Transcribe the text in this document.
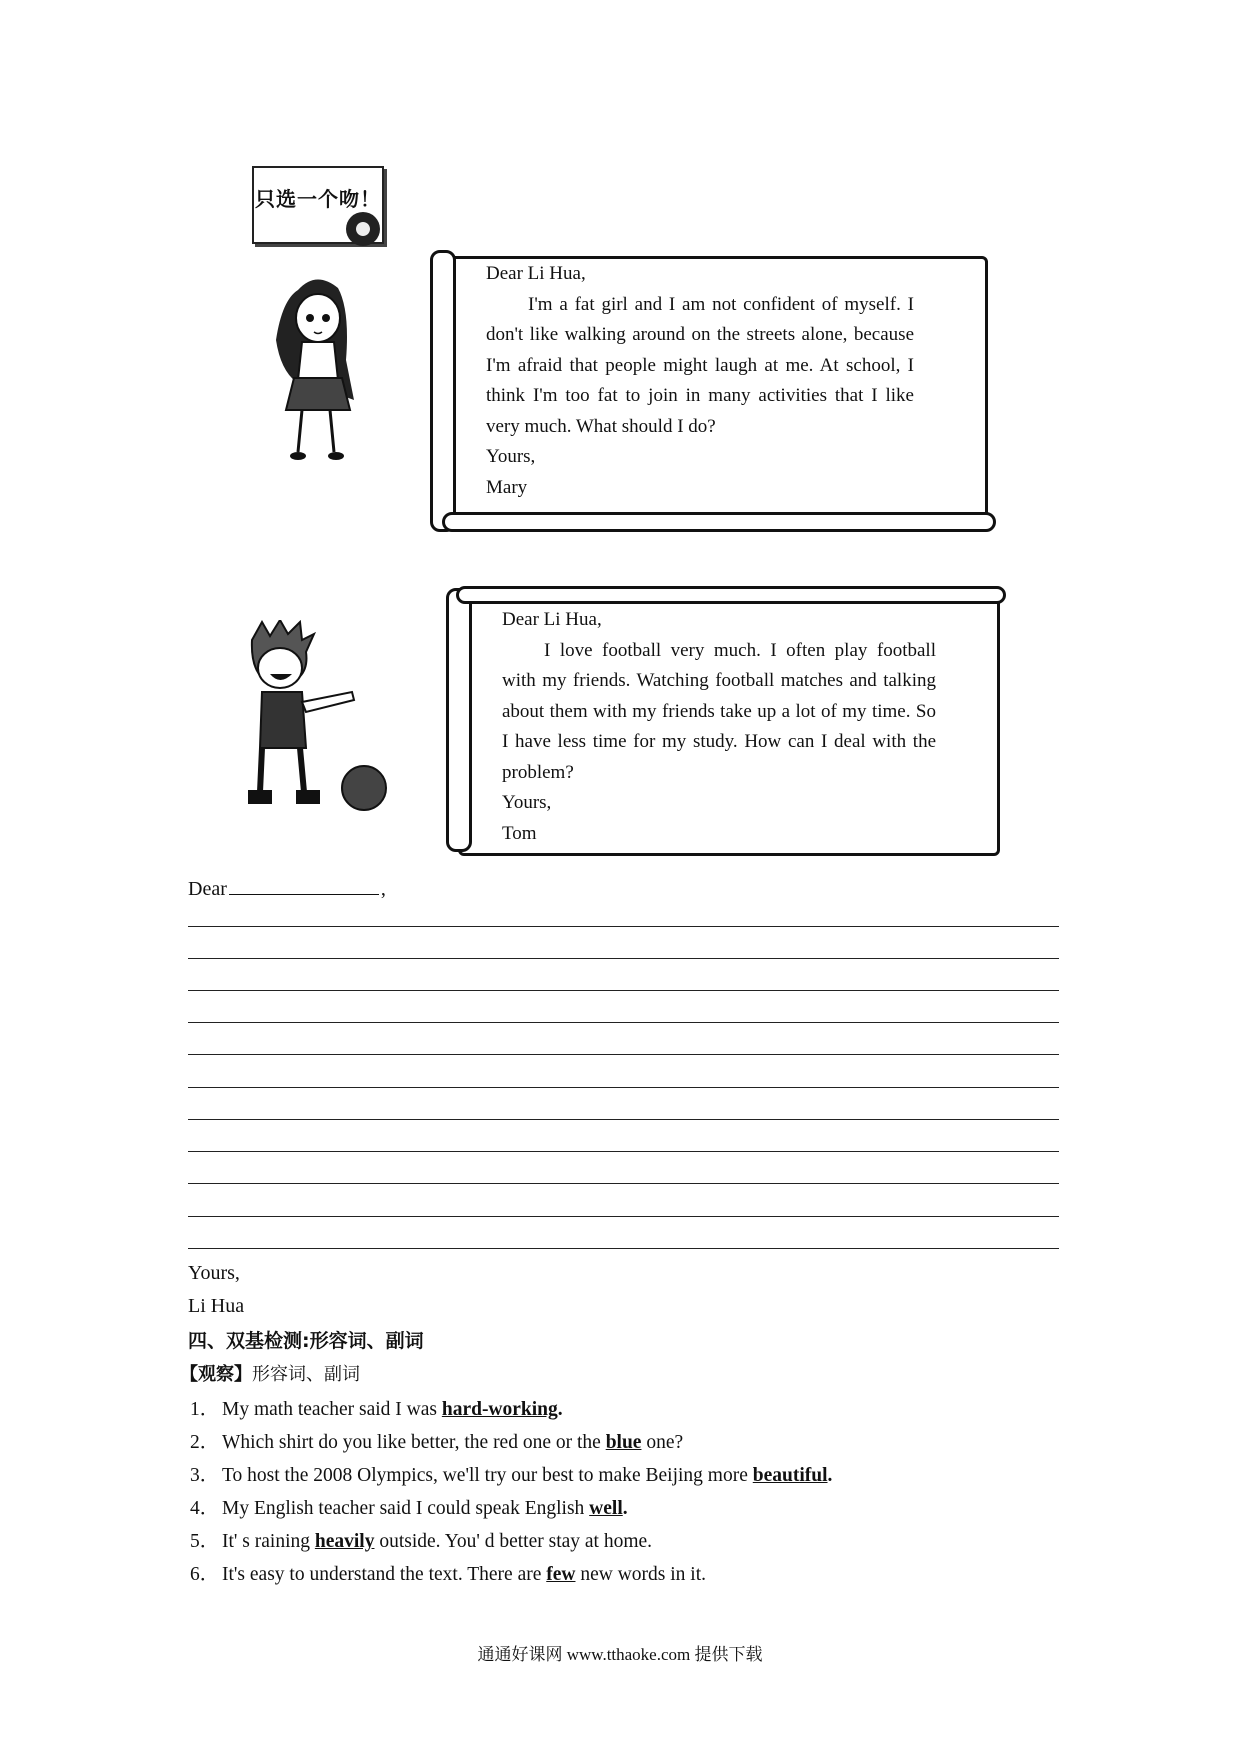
只选一个吻！

Dear Li Hua,

I'm a fat girl and I am not confident of myself. I don't like walking around on the streets alone, because I'm afraid that people might laugh at me. At school, I think I'm too fat to join in many activities that I like very much. What should I do?

Yours,

Mary

Dear Li Hua,

I love football very much. I often play football with my friends. Watching football matches and talking about them with my friends take up a lot of my time. So I have less time for my study. How can I deal with the problem?

Yours,

Tom

Dear	,
Yours,
Li Hua
四、双基检测:形容词、副词
【观察】形容词、副词
1． My math teacher said I was hard-working.
2． Which shirt do you like better, the red one or the blue one?
3． To host the 2008 Olympics, we'll try our best to make Beijing more beautiful.
4． My English teacher said I could speak English well.
5． It' s raining heavily outside. You' d better stay at home.
6． It's easy to understand the text. There are few new words in it.
通通好课网 www.tthaoke.com 提供下载
